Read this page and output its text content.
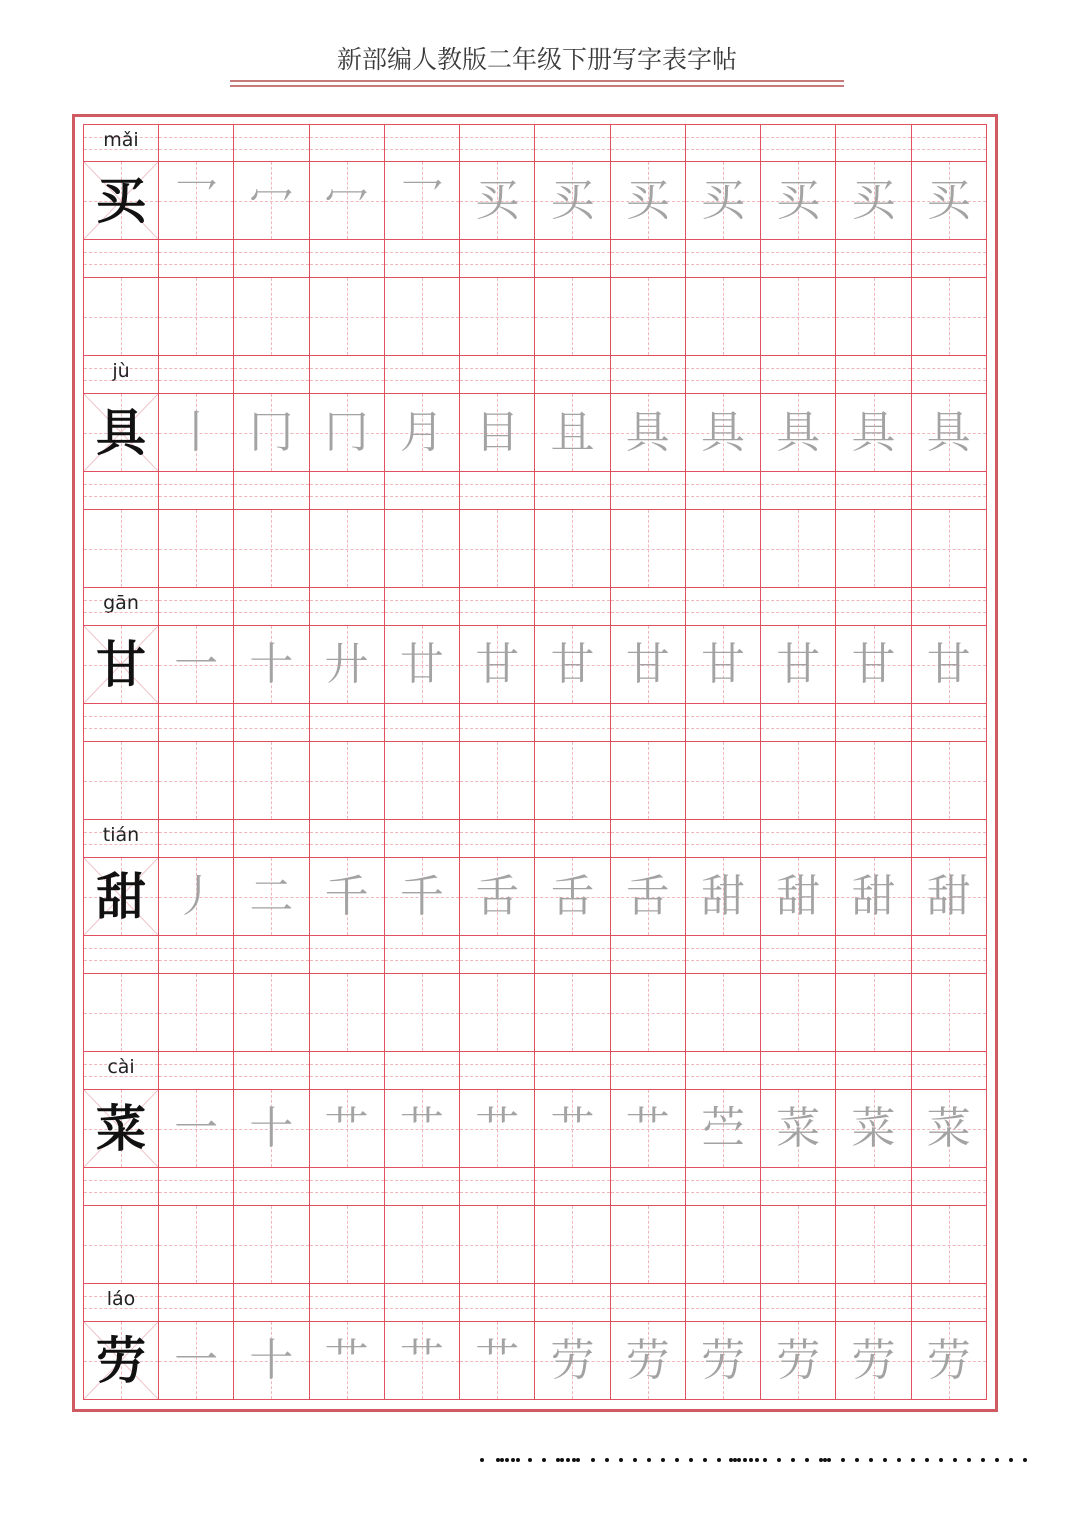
新部编人教版二年级下册写字表字帖
mǎi
买 乛 冖 冖 乛 买 买 买 买 买 买 买
jù
具 丨 冂 冂 月 目 且 具 具 具 具 具
gān
甘 一 十 廾 廿 甘 甘 甘 甘 甘 甘 甘
tián
甜 丿 二 千 千 舌 舌 舌 甜 甜 甜 甜
cài
菜 一 十 艹 艹 艹 艹 艹 苎 菜 菜 菜
láo
劳 一 十 艹 艹 艹 劳 劳 劳 劳 劳 劳
